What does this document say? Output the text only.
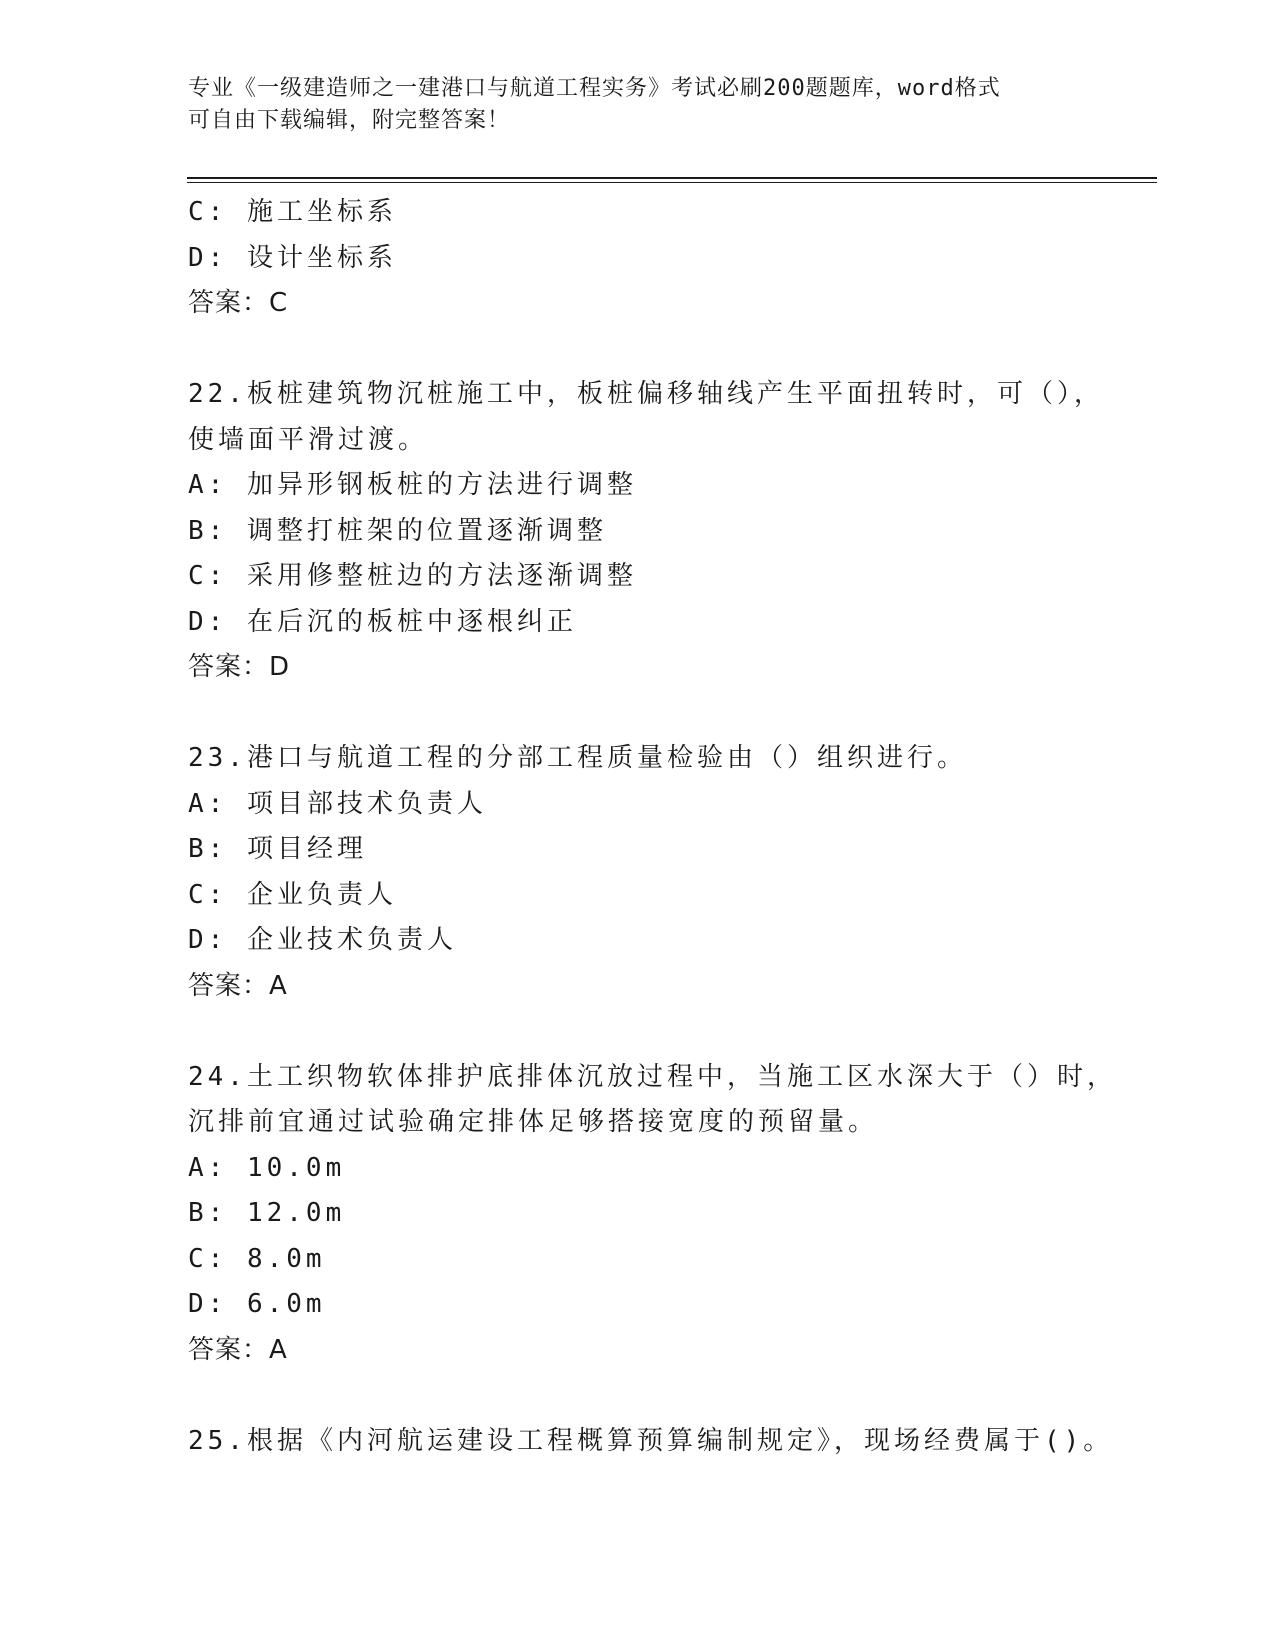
专业《一级建造师之一建港口与航道工程实务》考试必刷200题题库，word格式
可自由下载编辑，附完整答案！
C: 施工坐标系
D: 设计坐标系
答案：C
22.板桩建筑物沉桩施工中，板桩偏移轴线产生平面扭转时，可（），
使墙面平滑过渡。
A: 加异形钢板桩的方法进行调整
B: 调整打桩架的位置逐渐调整
C: 采用修整桩边的方法逐渐调整
D: 在后沉的板桩中逐根纠正
答案：D
23.港口与航道工程的分部工程质量检验由（）组织进行。
A: 项目部技术负责人
B: 项目经理
C: 企业负责人
D: 企业技术负责人
答案：A
24.土工织物软体排护底排体沉放过程中，当施工区水深大于（）时，
沉排前宜通过试验确定排体足够搭接宽度的预留量。
A: 10.0m
B: 12.0m
C: 8.0m
D: 6.0m
答案：A
25.根据《内河航运建设工程概算预算编制规定》，现场经费属于()。
